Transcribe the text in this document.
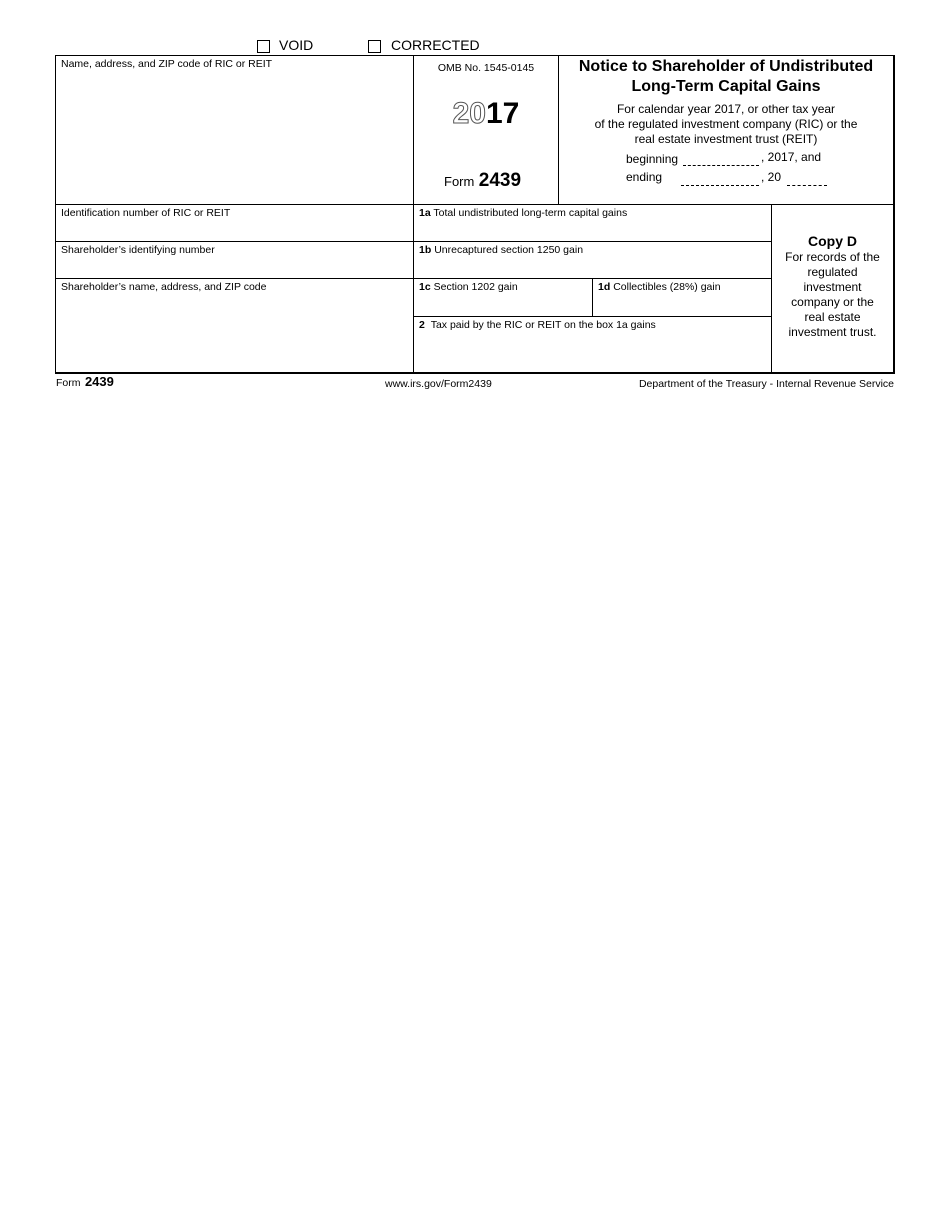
VOID	CORRECTED
Name, address, and ZIP code of RIC or REIT
Identification number of RIC or REIT
Shareholder’s identifying number
Shareholder’s name, address, and ZIP code
OMB No. 1545-0145
2017
Form 2439
Notice to Shareholder of Undistributed
Long-Term Capital Gains
For calendar year 2017, or other tax year
of the regulated investment company (RIC) or the
real estate investment trust (REIT)
beginning	, 2017, and
ending	, 20
1a Total undistributed long-term capital gains
1b Unrecaptured section 1250 gain
1c Section 1202 gain	1d Collectibles (28%) gain
2 Tax paid by the RIC or REIT on the box 1a gains
Copy D
For records of the
regulated
investment
company or the
real estate
investment trust.
Form 2439	www.irs.gov/Form2439	Department of the Treasury - Internal Revenue Service
